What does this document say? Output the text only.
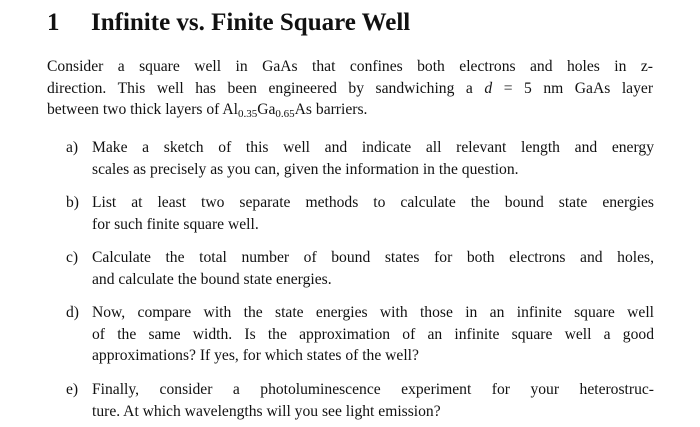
1 Infinite vs. Finite Square Well

Consider a square well in GaAs that confines both electrons and holes in z-
direction. This well has been engineered by sandwiching a d = 5 nm GaAs layer
between two thick layers of $Al_{0.35}Ga_{0.65}As$ barriers.

a) Make a sketch of this well and indicate all relevant length and energy
scales as precisely as you can, given the information in the question.
b) List at least two separate methods to calculate the bound state energies
for such finite square well.
c) Calculate the total number of bound states for both electrons and holes,
and calculate the bound state energies.
d) Now, compare with the state energies with those in an infinite square well
of the same width. Is the approximation of an infinite square well a good
approximations? If yes, for which states of the well?
e) Finally, consider a photoluminescence experiment for your heterostruc-
ture. At which wavelengths will you see light emission?
